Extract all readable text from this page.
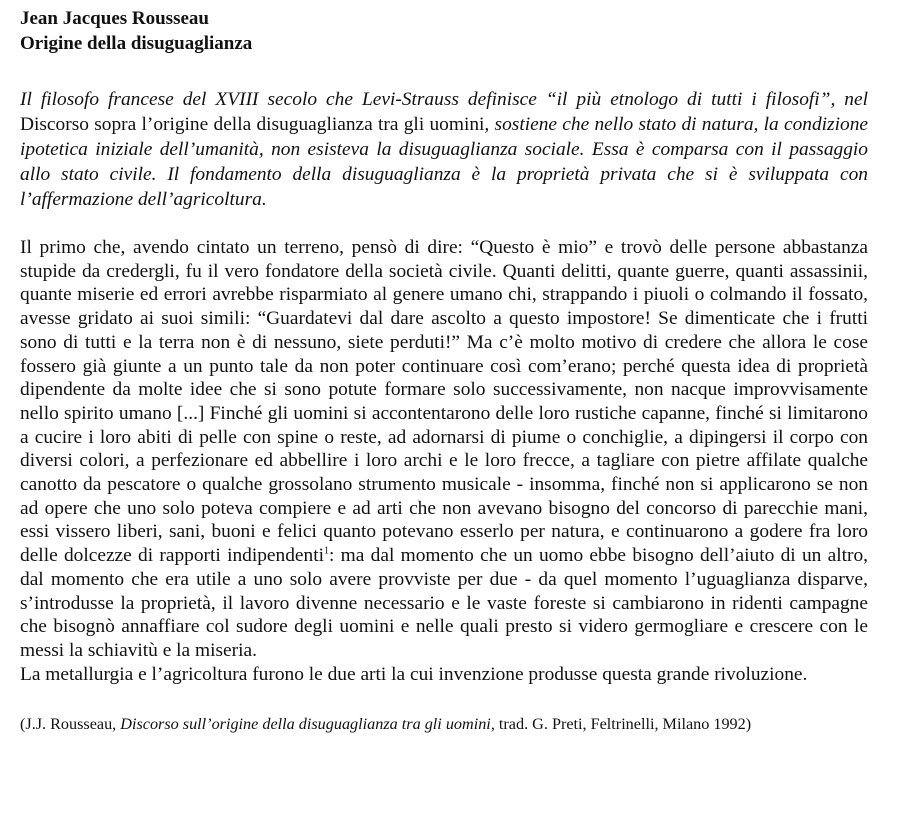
Jean Jacques Rousseau

Origine della disuguaglianza

Il filosofo francese del XVIII secolo che Levi-Strauss definisce “il più etnologo di tutti i filosofi”, nel Discorso sopra l’origine della disuguaglianza tra gli uomini, sostiene che nello stato di natura, la condizione ipotetica iniziale dell’umanità, non esisteva la disuguaglianza sociale. Essa è comparsa con il passaggio allo stato civile. Il fondamento della disuguaglianza è la proprietà privata che si è sviluppata con l’affermazione dell’agricoltura.

Il primo che, avendo cintato un terreno, pensò di dire: “Questo è mio” e trovò delle persone abbastanza stupide da credergli, fu il vero fondatore della società civile. Quanti delitti, quante guerre, quanti assassinii, quante miserie ed errori avrebbe risparmiato al genere umano chi, strappando i piuoli o colmando il fossato, avesse gridato ai suoi simili: “Guardatevi dal dare ascolto a questo impostore! Se dimenticate che i frutti sono di tutti e la terra non è di nessuno, siete perduti!” Ma c’è molto motivo di credere che allora le cose fossero già giunte a un punto tale da non poter continuare così com’erano; perché questa idea di proprietà dipendente da molte idee che si sono potute formare solo successivamente, non nacque improvvisamente nello spirito umano [...] Finché gli uomini si accontentarono delle loro rustiche capanne, finché si limitarono a cucire i loro abiti di pelle con spine o reste, ad adornarsi di piume o conchiglie, a dipingersi il corpo con diversi colori, a perfezionare ed abbellire i loro archi e le loro frecce, a tagliare con pietre affilate qualche canotto da pescatore o qualche grossolano strumento musicale - insomma, finché non si applicarono se non ad opere che uno solo poteva compiere e ad arti che non avevano bisogno del concorso di parecchie mani, essi vissero liberi, sani, buoni e felici quanto potevano esserlo per natura, e continuarono a godere fra loro delle dolcezze di rapporti indipendenti$^1$: ma dal momento che un uomo ebbe bisogno dell’aiuto di un altro, dal momento che era utile a uno solo avere provviste per due - da quel momento l’uguaglianza disparve, s’introdusse la proprietà, il lavoro divenne necessario e le vaste foreste si cambiarono in ridenti campagne che bisognò annaffiare col sudore degli uomini e nelle quali presto si videro germogliare e crescere con le messi la schiavitù e la miseria.

La metallurgia e l’agricoltura furono le due arti la cui invenzione produsse questa grande rivoluzione.

(J.J. Rousseau, Discorso sull’origine della disuguaglianza tra gli uomini, trad. G. Preti, Feltrinelli, Milano 1992)
